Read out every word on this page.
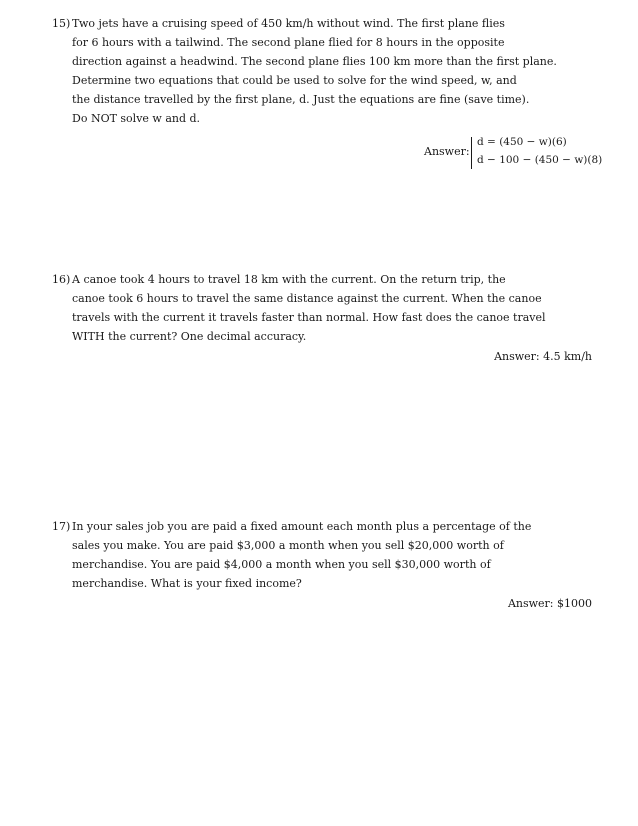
15) Two jets have a cruising speed of 450 km/h without wind. The first plane flies
for 6 hours with a tailwind. The second plane flied for 8 hours in the opposite
direction against a headwind. The second plane flies 100 km more than the first plane.
Determine two equations that could be used to solve for the wind speed, w, and
the distance travelled by the first plane, d. Just the equations are fine (save time).
Do NOT solve w and d.
Answer:
d = (450 − w)(6)
d − 100 − (450 − w)(8)
16) A canoe took 4 hours to travel 18 km with the current. On the return trip, the
canoe took 6 hours to travel the same distance against the current. When the canoe
travels with the current it travels faster than normal. How fast does the canoe travel
WITH the current? One decimal accuracy.
Answer: 4.5 km/h
17) In your sales job you are paid a fixed amount each month plus a percentage of the
sales you make. You are paid $3,000 a month when you sell $20,000 worth of
merchandise. You are paid $4,000 a month when you sell $30,000 worth of
merchandise. What is your fixed income?
Answer: $1000
